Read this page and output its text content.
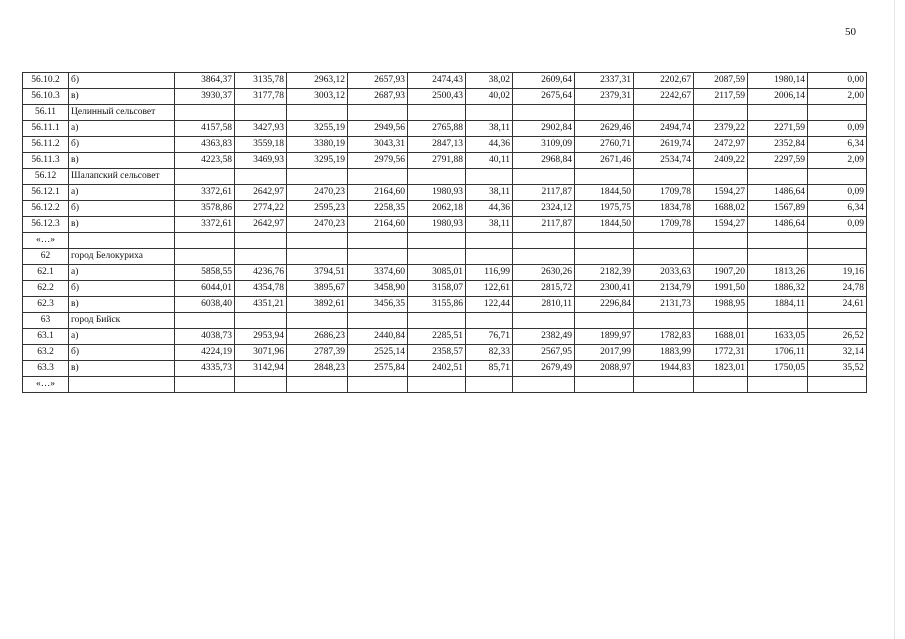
50
56.10.2	б)	3864,37	3135,78	2963,12	2657,93	2474,43	38,02	2609,64	2337,31	2202,67	2087,59	1980,14	0,00
56.10.3	в)	3930,37	3177,78	3003,12	2687,93	2500,43	40,02	2675,64	2379,31	2242,67	2117,59	2006,14	2,00
56.11	Целинный сельсовет												
56.11.1	а)	4157,58	3427,93	3255,19	2949,56	2765,88	38,11	2902,84	2629,46	2494,74	2379,22	2271,59	0,09
56.11.2	б)	4363,83	3559,18	3380,19	3043,31	2847,13	44,36	3109,09	2760,71	2619,74	2472,97	2352,84	6,34
56.11.3	в)	4223,58	3469,93	3295,19	2979,56	2791,88	40,11	2968,84	2671,46	2534,74	2409,22	2297,59	2,09
56.12	Шалапский сельсовет												
56.12.1	а)	3372,61	2642,97	2470,23	2164,60	1980,93	38,11	2117,87	1844,50	1709,78	1594,27	1486,64	0,09
56.12.2	б)	3578,86	2774,22	2595,23	2258,35	2062,18	44,36	2324,12	1975,75	1834,78	1688,02	1567,89	6,34
56.12.3	в)	3372,61	2642,97	2470,23	2164,60	1980,93	38,11	2117,87	1844,50	1709,78	1594,27	1486,64	0,09
«…»													
62	город Белокуриха												
62.1	а)	5858,55	4236,76	3794,51	3374,60	3085,01	116,99	2630,26	2182,39	2033,63	1907,20	1813,26	19,16
62.2	б)	6044,01	4354,78	3895,67	3458,90	3158,07	122,61	2815,72	2300,41	2134,79	1991,50	1886,32	24,78
62.3	в)	6038,40	4351,21	3892,61	3456,35	3155,86	122,44	2810,11	2296,84	2131,73	1988,95	1884,11	24,61
63	город Бийск												
63.1	а)	4038,73	2953,94	2686,23	2440,84	2285,51	76,71	2382,49	1899,97	1782,83	1688,01	1633,05	26,52
63.2	б)	4224,19	3071,96	2787,39	2525,14	2358,57	82,33	2567,95	2017,99	1883,99	1772,31	1706,11	32,14
63.3	в)	4335,73	3142,94	2848,23	2575,84	2402,51	85,71	2679,49	2088,97	1944,83	1823,01	1750,05	35,52
«…»													
